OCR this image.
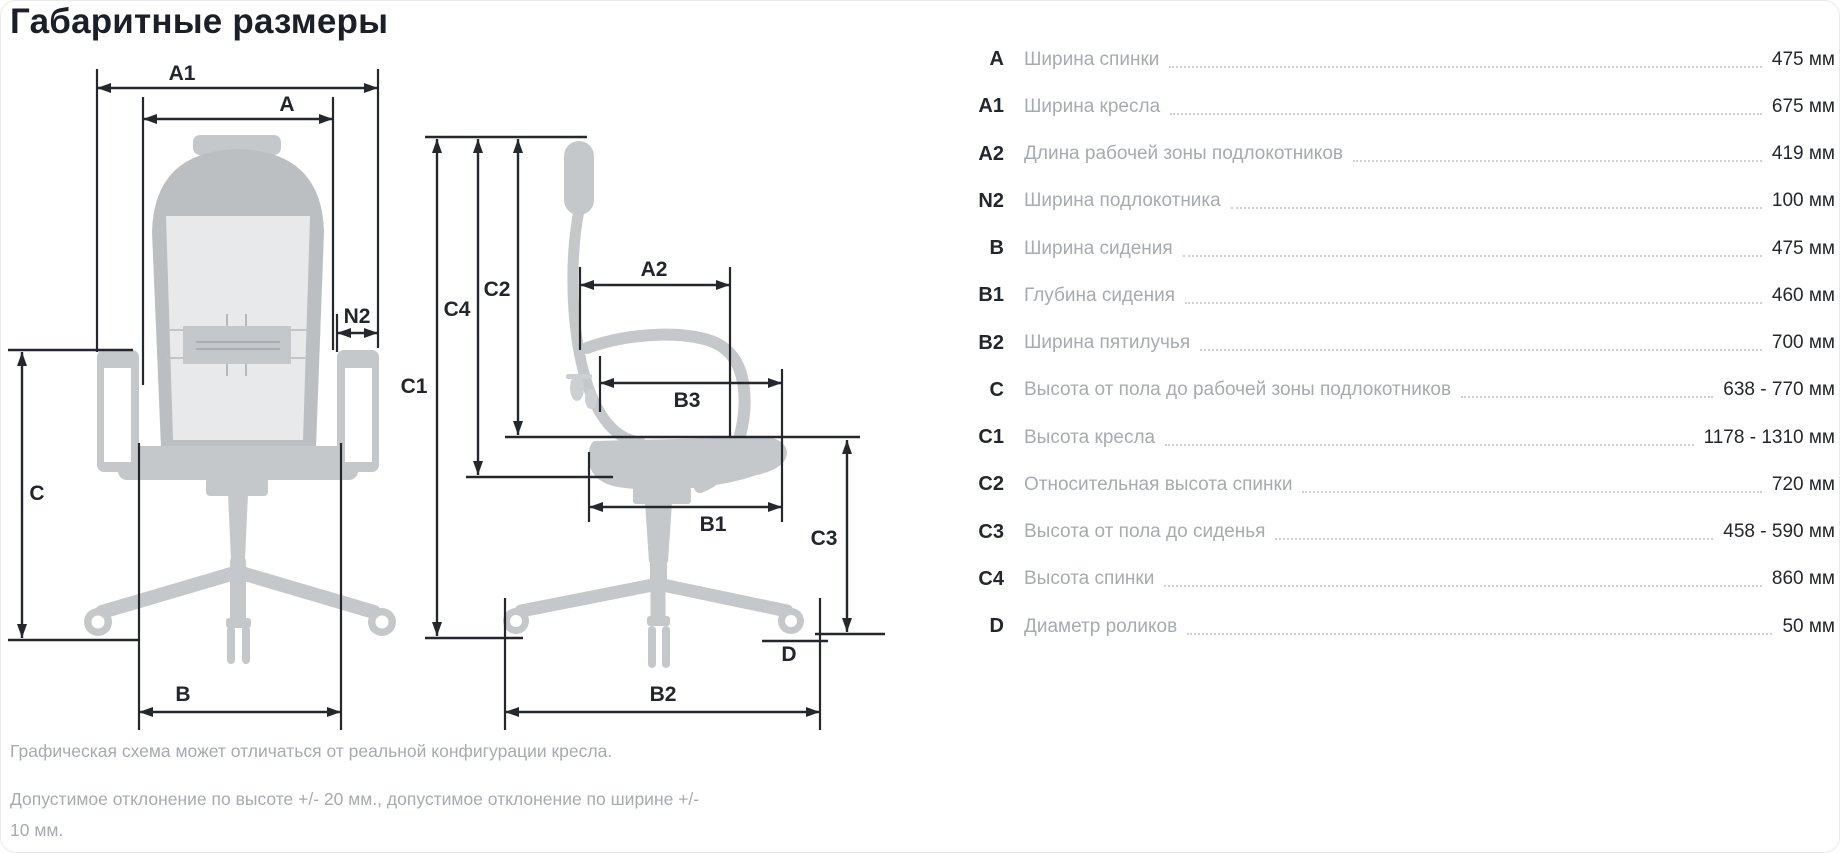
Габаритные размеры
A1
A
N2
C
B
C1
C4
C2
A2
B3
B1
C3
D
B2
A	Ширина спинки	475 мм
A1	Ширина кресла	675 мм
A2	Длина рабочей зоны подлокотников	419 мм
N2	Ширина подлокотника	100 мм
B	Ширина сидения	475 мм
B1	Глубина сидения	460 мм
B2	Ширина пятилучья	700 мм
C	Высота от пола до рабочей зоны подлокотников	638 - 770 мм
C1	Высота кресла	1178 - 1310 мм
C2	Относительная высота спинки	720 мм
C3	Высота от пола до сиденья	458 - 590 мм
C4	Высота спинки	860 мм
D	Диаметр роликов	50 мм

Графическая схема может отличаться от реальной конфигурации кресла.

Допустимое отклонение по высоте +/- 20 мм., допустимое отклонение по ширине +/- 10 мм.
